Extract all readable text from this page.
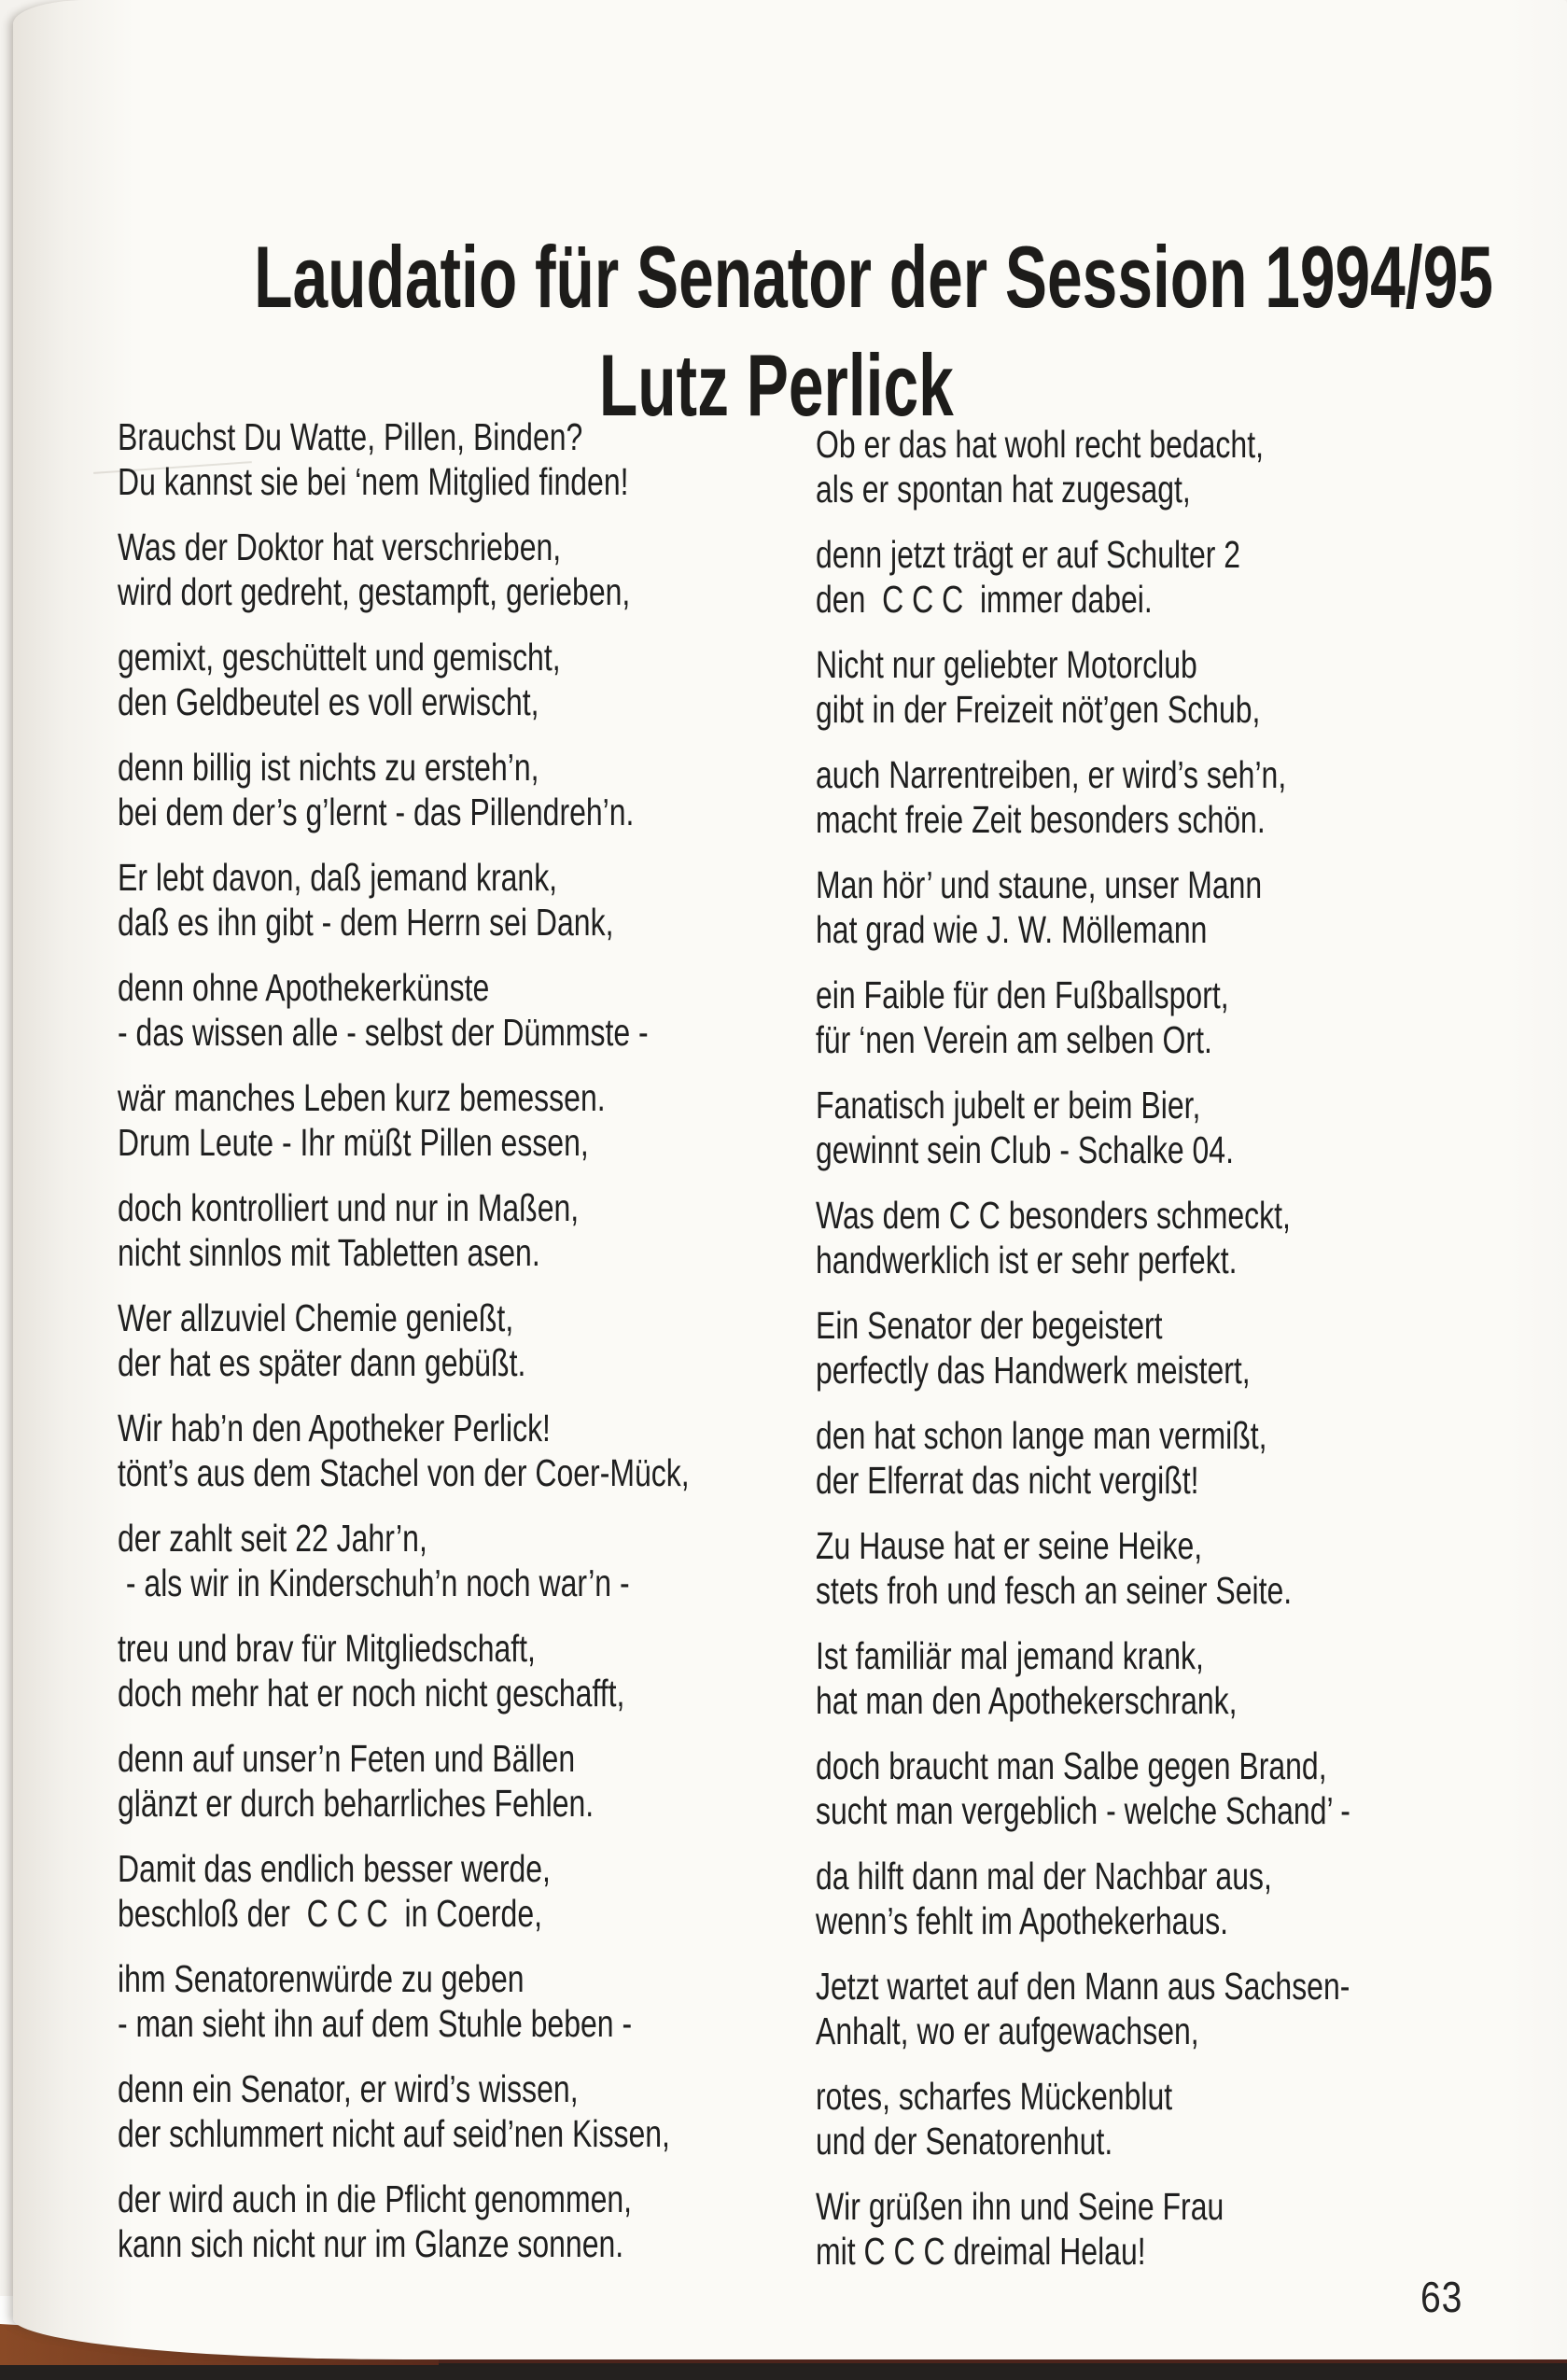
Laudatio für Senator der Session 1994/95
Lutz Perlick

Brauchst Du Watte, Pillen, Binden?
Du kannst sie bei ‘nem Mitglied finden!

Was der Doktor hat verschrieben,
wird dort gedreht, gestampft, gerieben,

gemixt, geschüttelt und gemischt,
den Geldbeutel es voll erwischt,

denn billig ist nichts zu ersteh’n,
bei dem der’s g’lernt - das Pillendreh’n.

Er lebt davon, daß jemand krank,
daß es ihn gibt - dem Herrn sei Dank,

denn ohne Apothekerkünste
- das wissen alle - selbst der Dümmste -

wär manches Leben kurz bemessen.
Drum Leute - Ihr müßt Pillen essen,

doch kontrolliert und nur in Maßen,
nicht sinnlos mit Tabletten asen.

Wer allzuviel Chemie genießt,
der hat es später dann gebüßt.

Wir hab’n den Apotheker Perlick!
tönt’s aus dem Stachel von der Coer-Mück,

der zahlt seit 22 Jahr’n,
- als wir in Kinderschuh’n noch war’n -

treu und brav für Mitgliedschaft,
doch mehr hat er noch nicht geschafft,

denn auf unser’n Feten und Bällen
glänzt er durch beharrliches Fehlen.

Damit das endlich besser werde,
beschloß der  C C C  in Coerde,

ihm Senatorenwürde zu geben
- man sieht ihn auf dem Stuhle beben -

denn ein Senator, er wird’s wissen,
der schlummert nicht auf seid’nen Kissen,

der wird auch in die Pflicht genommen,
kann sich nicht nur im Glanze sonnen.

Ob er das hat wohl recht bedacht,
als er spontan hat zugesagt,

denn jetzt trägt er auf Schulter 2
den  C C C  immer dabei.

Nicht nur geliebter Motorclub
gibt in der Freizeit nöt’gen Schub,

auch Narrentreiben, er wird’s seh’n,
macht freie Zeit besonders schön.

Man hör’ und staune, unser Mann
hat grad wie J. W. Möllemann

ein Faible für den Fußballsport,
für ‘nen Verein am selben Ort.

Fanatisch jubelt er beim Bier,
gewinnt sein Club - Schalke 04.

Was dem C C besonders schmeckt,
handwerklich ist er sehr perfekt.

Ein Senator der begeistert
perfectly das Handwerk meistert,

den hat schon lange man vermißt,
der Elferrat das nicht vergißt!

Zu Hause hat er seine Heike,
stets froh und fesch an seiner Seite.

Ist familiär mal jemand krank,
hat man den Apothekerschrank,

doch braucht man Salbe gegen Brand,
sucht man vergeblich - welche Schand’ -

da hilft dann mal der Nachbar aus,
wenn’s fehlt im Apothekerhaus.

Jetzt wartet auf den Mann aus Sachsen-
Anhalt, wo er aufgewachsen,

rotes, scharfes Mückenblut
und der Senatorenhut.

Wir grüßen ihn und Seine Frau
mit C C C dreimal Helau!

63
